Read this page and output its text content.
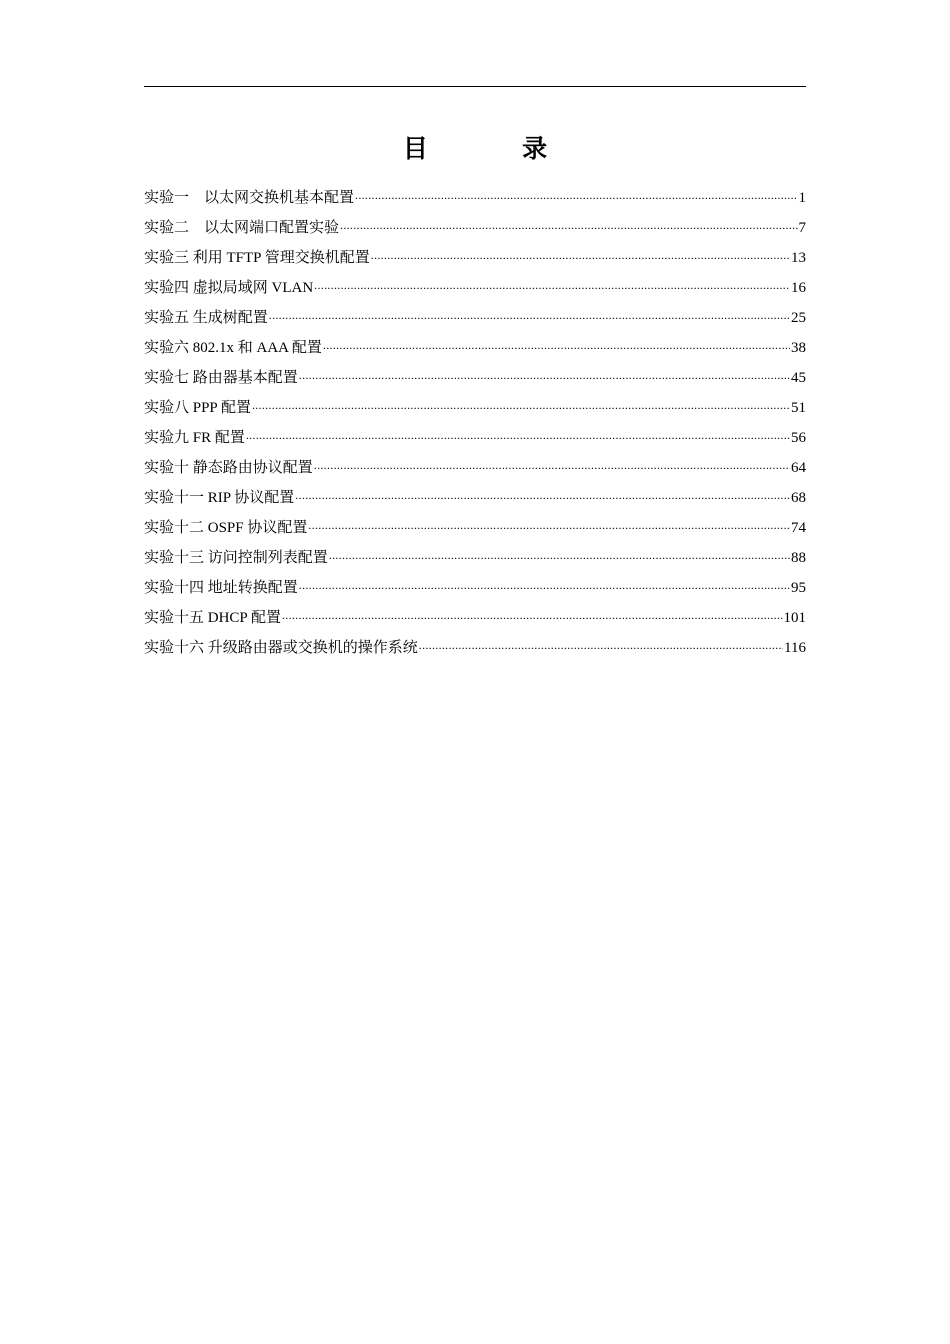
目 录
实验一　以太网交换机基本配置 .....	1
实验二　以太网端口配置实验 .....	7
实验三 利用 TFTP 管理交换机配置 .....	13
实验四 虚拟局域网 VLAN .....	16
实验五 生成树配置 .....	25
实验六 802.1x 和 AAA 配置 .....	38
实验七 路由器基本配置 .....	45
实验八 PPP 配置 .....	51
实验九 FR 配置 .....	56
实验十 静态路由协议配置 .....	64
实验十一 RIP 协议配置 .....	68
实验十二 OSPF 协议配置 .....	74
实验十三 访问控制列表配置 .....	88
实验十四 地址转换配置 .....	95
实验十五 DHCP 配置 .....	101
实验十六 升级路由器或交换机的操作系统 .....	116
